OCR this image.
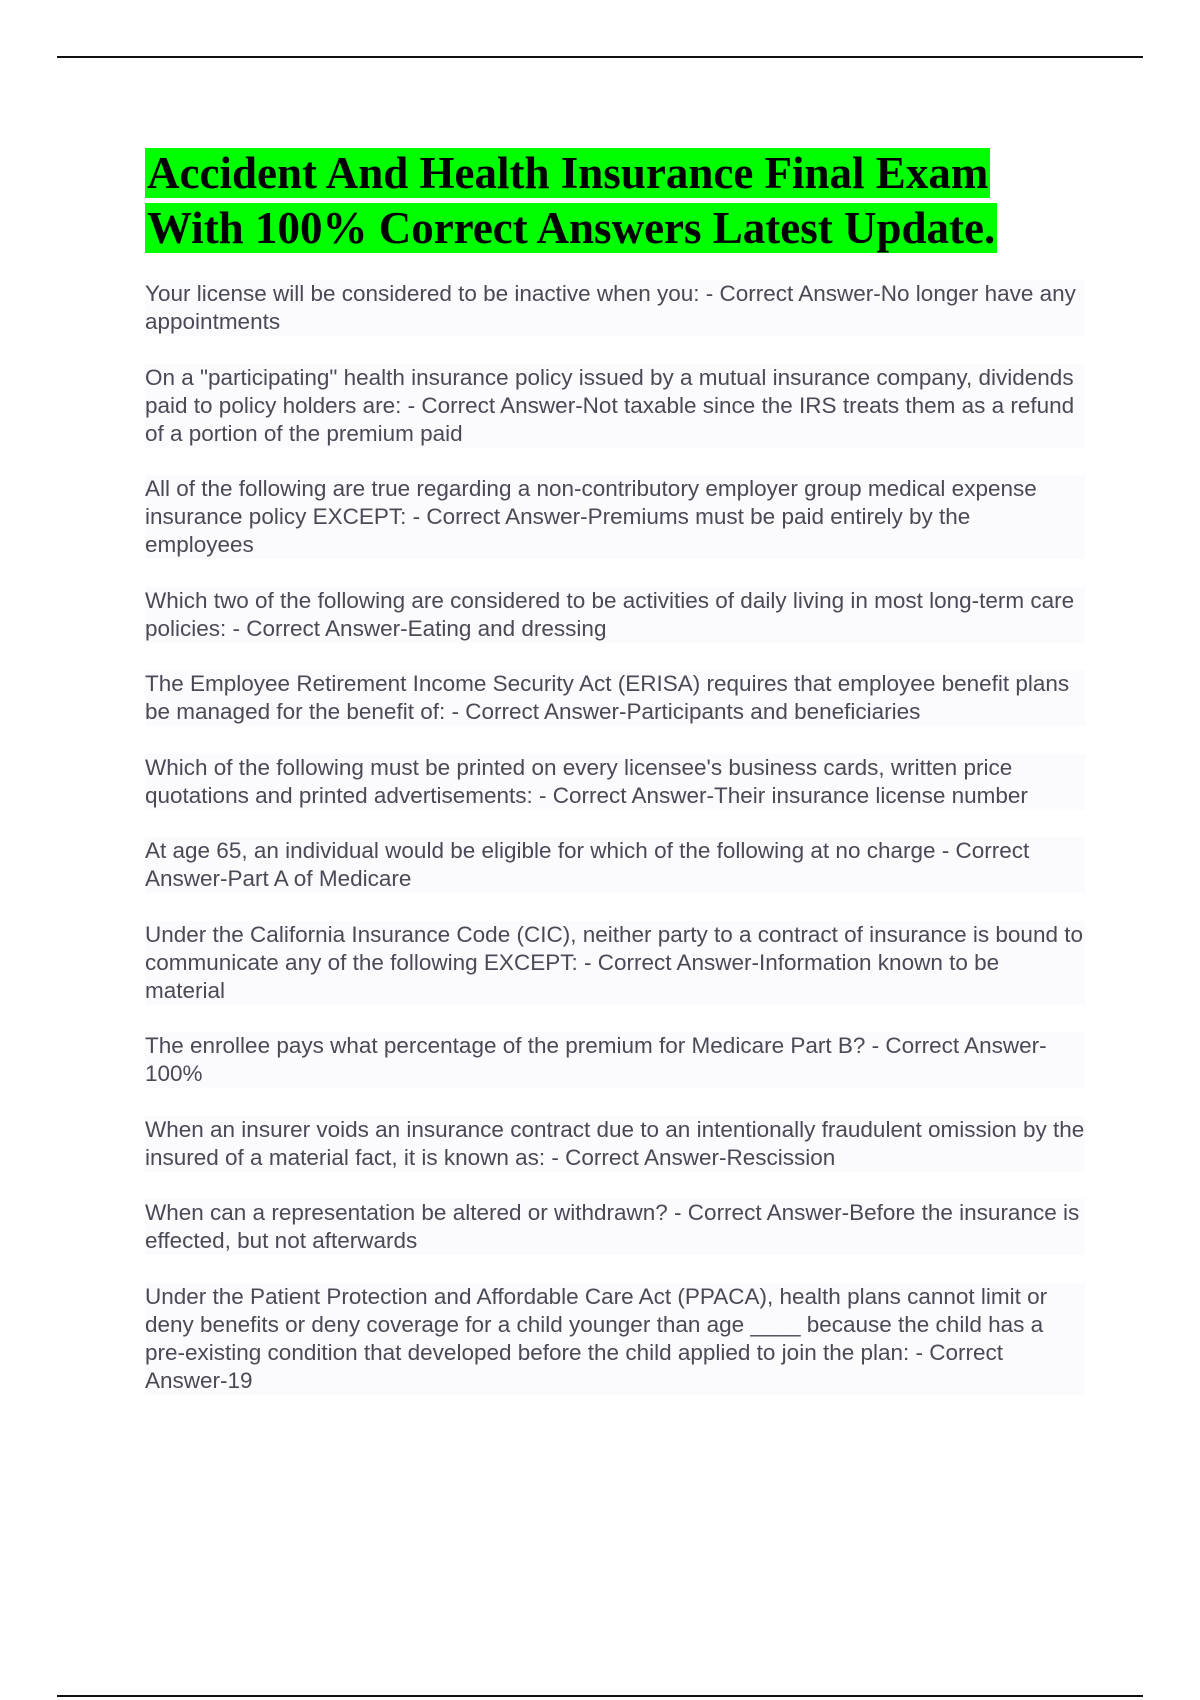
Accident And Health Insurance Final Exam With 100% Correct Answers Latest Update.
Your license will be considered to be inactive when you: - Correct Answer-No longer have any appointments
On a "participating" health insurance policy issued by a mutual insurance company, dividends paid to policy holders are: - Correct Answer-Not taxable since the IRS treats them as a refund of a portion of the premium paid
All of the following are true regarding a non-contributory employer group medical expense insurance policy EXCEPT: - Correct Answer-Premiums must be paid entirely by the employees
Which two of the following are considered to be activities of daily living in most long-term care policies: - Correct Answer-Eating and dressing
The Employee Retirement Income Security Act (ERISA) requires that employee benefit plans be managed for the benefit of: - Correct Answer-Participants and beneficiaries
Which of the following must be printed on every licensee's business cards, written price quotations and printed advertisements: - Correct Answer-Their insurance license number
At age 65, an individual would be eligible for which of the following at no charge - Correct Answer-Part A of Medicare
Under the California Insurance Code (CIC), neither party to a contract of insurance is bound to communicate any of the following EXCEPT: - Correct Answer-Information known to be material
The enrollee pays what percentage of the premium for Medicare Part B? - Correct Answer-100%
When an insurer voids an insurance contract due to an intentionally fraudulent omission by the insured of a material fact, it is known as: - Correct Answer-Rescission
When can a representation be altered or withdrawn? - Correct Answer-Before the insurance is effected, but not afterwards
Under the Patient Protection and Affordable Care Act (PPACA), health plans cannot limit or deny benefits or deny coverage for a child younger than age ____ because the child has a pre-existing condition that developed before the child applied to join the plan: - Correct Answer-19
